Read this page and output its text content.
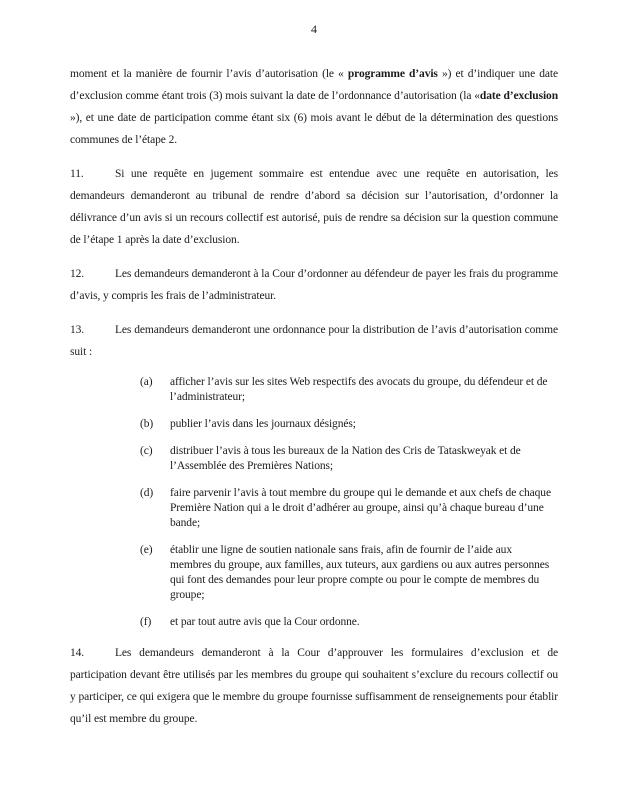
4

moment et la manière de fournir l’avis d’autorisation (le « programme d’avis ») et d’indiquer une date d’exclusion comme étant trois (3) mois suivant la date de l’ordonnance d’autorisation (la «date d’exclusion »), et une date de participation comme étant six (6) mois avant le début de la détermination des questions communes de l’étape 2.

11.	Si une requête en jugement sommaire est entendue avec une requête en autorisation, les demandeurs demanderont au tribunal de rendre d’abord sa décision sur l’autorisation, d’ordonner la délivrance d’un avis si un recours collectif est autorisé, puis de rendre sa décision sur la question commune de l’étape 1 après la date d’exclusion.

12.	Les demandeurs demanderont à la Cour d’ordonner au défendeur de payer les frais du programme d’avis, y compris les frais de l’administrateur.

13.	Les demandeurs demanderont une ordonnance pour la distribution de l’avis d’autorisation comme suit :

(a)	afficher l’avis sur les sites Web respectifs des avocats du groupe, du défendeur et de l’administrateur;
(b)	publier l’avis dans les journaux désignés;
(c)	distribuer l’avis à tous les bureaux de la Nation des Cris de Tataskweyak et de l’Assemblée des Premières Nations;
(d)	faire parvenir l’avis à tout membre du groupe qui le demande et aux chefs de chaque Première Nation qui a le droit d’adhérer au groupe, ainsi qu’à chaque bureau d’une bande;
(e)	établir une ligne de soutien nationale sans frais, afin de fournir de l’aide aux membres du groupe, aux familles, aux tuteurs, aux gardiens ou aux autres personnes qui font des demandes pour leur propre compte ou pour le compte de membres du groupe;
(f)	et par tout autre avis que la Cour ordonne.

14.	Les demandeurs demanderont à la Cour d’approuver les formulaires d’exclusion et de participation devant être utilisés par les membres du groupe qui souhaitent s’exclure du recours collectif ou y participer, ce qui exigera que le membre du groupe fournisse suffisamment de renseignements pour établir qu’il est membre du groupe.
